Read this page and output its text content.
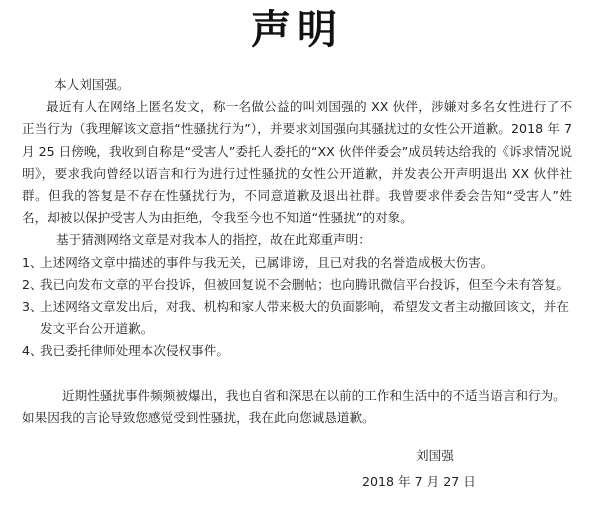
声明

本人刘国强。

最近有人在网络上匿名发文，称一名做公益的叫刘国强的 XX 伙伴，涉嫌对多名女性进行了不正当行为（我理解该文意指“性骚扰行为”），并要求刘国强向其骚扰过的女性公开道歉。2018 年 7 月 25 日傍晚，我收到自称是“受害人”委托人委托的“XX 伙伴伴委会”成员转达给我的《诉求情况说明》，要求我向曾经以语言和行为进行过性骚扰的女性公开道歉，并发表公开声明退出 XX 伙伴社群。但我的答复是不存在性骚扰行为，不同意道歉及退出社群。我曾要求伴委会告知“受害人”姓名，却被以保护受害人为由拒绝，令我至今也不知道“性骚扰”的对象。

基于猜测网络文章是对我本人的指控，故在此郑重声明：

1、
上述网络文章中描述的事件与我无关，已属诽谤，且已对我的名誉造成极大伤害。
2、
我已向发布文章的平台投诉，但被回复说不会删帖；也向腾讯微信平台投诉，但至今未有答复。
3、
上述网络文章发出后，对我、机构和家人带来极大的负面影响，希望发文者主动撤回该文，并在发文平台公开道歉。
4、
我已委托律师处理本次侵权事件。

近期性骚扰事件频频被爆出，我也自省和深思在以前的工作和生活中的不适当语言和行为。如果因我的言论导致您感觉受到性骚扰，我在此向您诚恳道歉。

刘国强

2018 年 7 月 27 日
